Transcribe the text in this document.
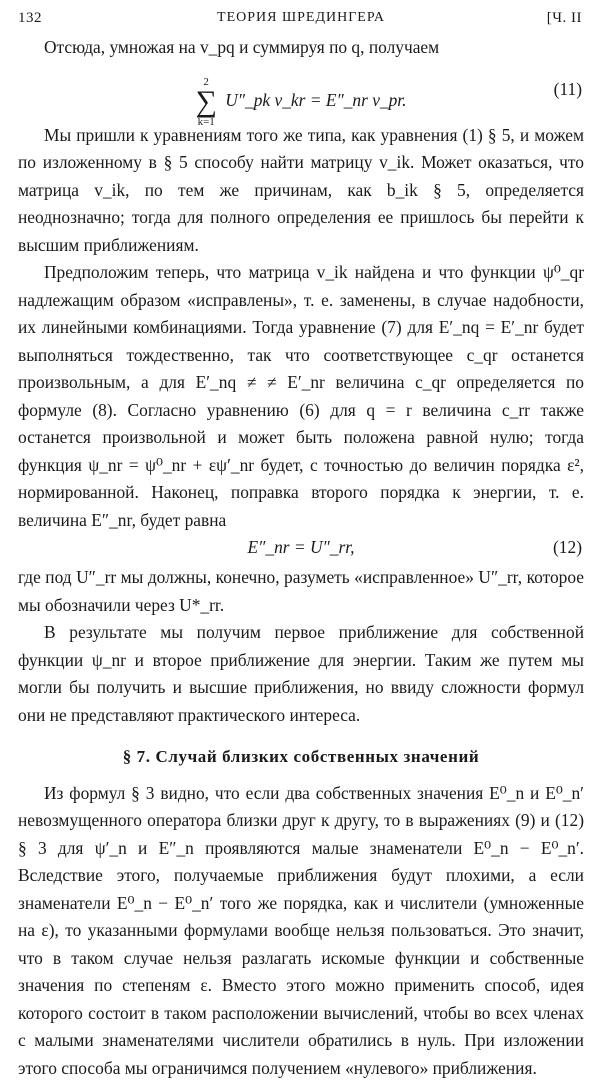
132	ТЕОРИЯ ШРЕДИНГЕРА	[Ч. II

Отсюда, умножая на v_pq и суммируя по q, получаем

2
∑
k=1
U″_pk v_kr = E″_nr v_pr.
(11)

Мы пришли к уравнениям того же типа, как уравнения (1) § 5, и можем по изложенному в § 5 способу найти матрицу v_ik. Может оказаться, что матрица v_ik, по тем же причинам, как b_ik § 5, определяется неоднозначно; тогда для полного определения ее пришлось бы перейти к высшим приближениям.

Предположим теперь, что матрица v_ik найдена и что функции ψ⁰_qr надлежащим образом «исправлены», т. е. заменены, в случае надобности, их линейными комбинациями. Тогда уравнение (7) для E′_nq = E′_nr будет выполняться тождественно, так что соответствующее c_qr останется произвольным, а для E′_nq ≠ ≠ E′_nr величина c_qr определяется по формуле (8). Согласно уравнению (6) для q = r величина c_rr также останется произвольной и может быть положена равной нулю; тогда функция ψ_nr = ψ⁰_nr + εψ′_nr будет, с точностью до величин порядка ε², нормированной. Наконец, поправка второго порядка к энергии, т. е. величина E″_nr, будет равна

E″_nr = U″_rr,	(12)

где под U″_rr мы должны, конечно, разуметь «исправленное» U″_rr, которое мы обозначили через U*_rr.

В результате мы получим первое приближение для собственной функции ψ_nr и второе приближение для энергии. Таким же путем мы могли бы получить и высшие приближения, но ввиду сложности формул они не представляют практического интереса.

§ 7. Случай близких собственных значений

Из формул § 3 видно, что если два собственных значения E⁰_n и E⁰_n′ невозмущенного оператора близки друг к другу, то в выражениях (9) и (12) § 3 для ψ′_n и E″_n проявляются малые знаменатели E⁰_n − E⁰_n′. Вследствие этого, получаемые приближения будут плохими, а если знаменатели E⁰_n − E⁰_n′ того же порядка, как и числители (умноженные на ε), то указанными формулами вообще нельзя пользоваться. Это значит, что в таком случае нельзя разлагать искомые функции и собственные значения по степеням ε. Вместо этого можно применить способ, идея которого состоит в таком расположении вычислений, чтобы во всех членах с малыми знаменателями числители обратились в нуль. При изложении этого способа мы ограничимся получением «нулевого» приближения.
